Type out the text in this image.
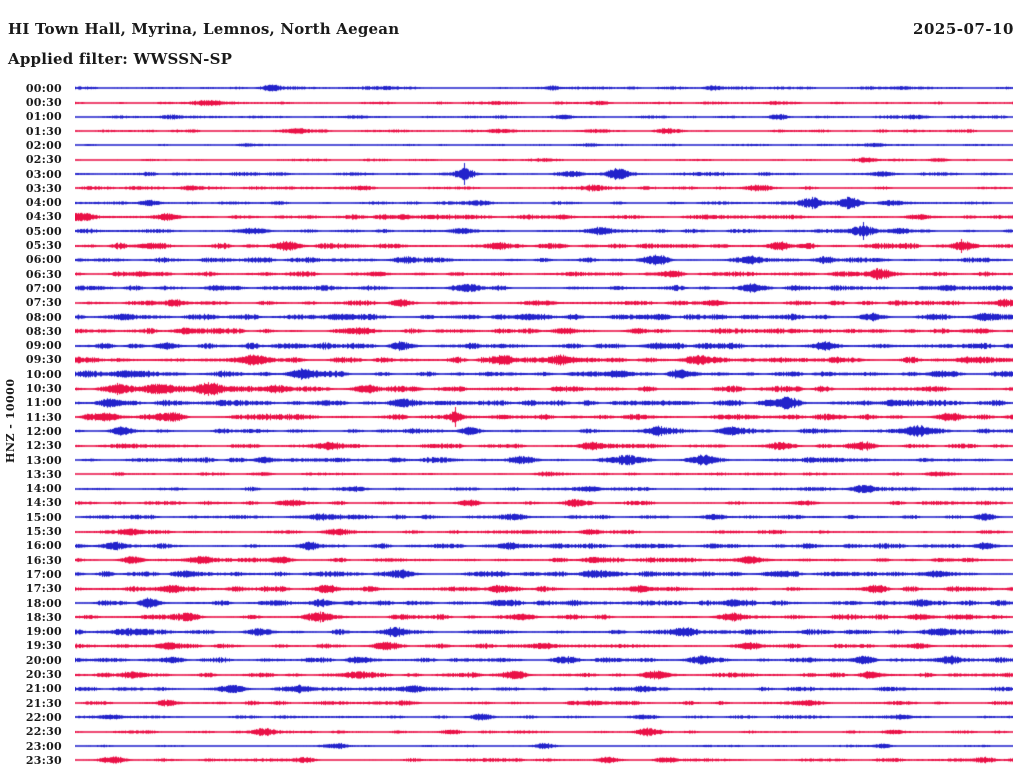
HI Town Hall, Myrina, Lemnos, North Aegean	2025-07-10
Applied filter: WWSSN-SP
HNZ - 10000
00:00
00:30
01:00
01:30
02:00
02:30
03:00
03:30
04:00
04:30
05:00
05:30
06:00
06:30
07:00
07:30
08:00
08:30
09:00
09:30
10:00
10:30
11:00
11:30
12:00
12:30
13:00
13:30
14:00
14:30
15:00
15:30
16:00
16:30
17:00
17:30
18:00
18:30
19:00
19:30
20:00
20:30
21:00
21:30
22:00
22:30
23:00
23:30
